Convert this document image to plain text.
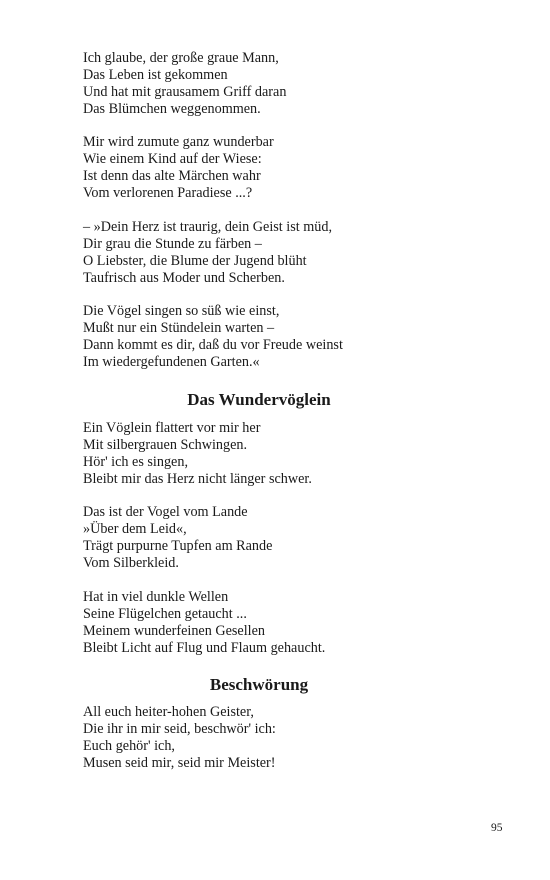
Ich glaube, der große graue Mann,
Das Leben ist gekommen
Und hat mit grausamem Griff daran
Das Blümchen weggenommen.
Mir wird zumute ganz wunderbar
Wie einem Kind auf der Wiese:
Ist denn das alte Märchen wahr
Vom verlorenen Paradiese ...?
– »Dein Herz ist traurig, dein Geist ist müd,
Dir grau die Stunde zu färben –
O Liebster, die Blume der Jugend blüht
Taufrisch aus Moder und Scherben.
Die Vögel singen so süß wie einst,
Mußt nur ein Stündelein warten –
Dann kommt es dir, daß du vor Freude weinst
Im wiedergefundenen Garten.«
Das Wundervöglein
Ein Vöglein flattert vor mir her
Mit silbergrauen Schwingen.
Hör' ich es singen,
Bleibt mir das Herz nicht länger schwer.
Das ist der Vogel vom Lande
»Über dem Leid«,
Trägt purpurne Tupfen am Rande
Vom Silberkleid.
Hat in viel dunkle Wellen
Seine Flügelchen getaucht ...
Meinem wunderfeinen Gesellen
Bleibt Licht auf Flug und Flaum gehaucht.
Beschwörung
All euch heiter-hohen Geister,
Die ihr in mir seid, beschwör' ich:
Euch gehör' ich,
Musen seid mir, seid mir Meister!
95
